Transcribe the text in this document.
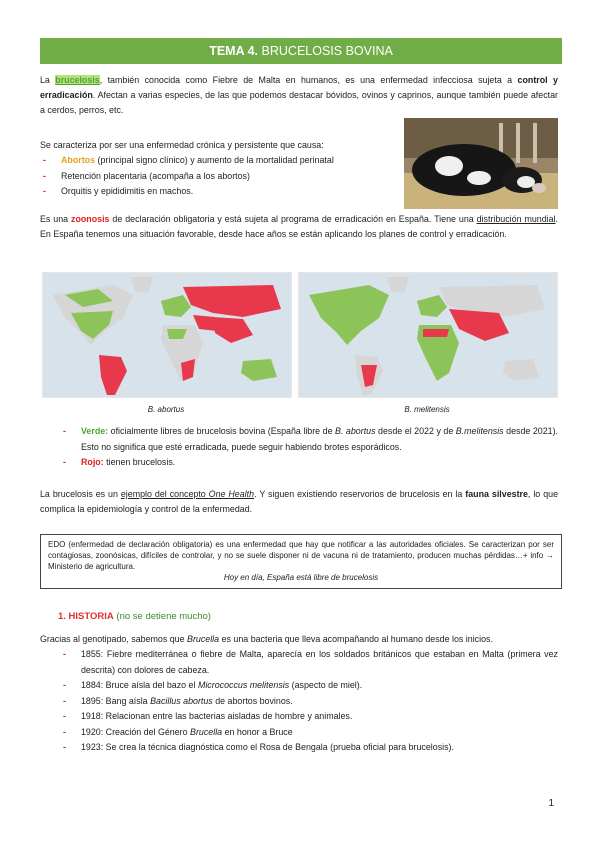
TEMA 4. BRUCELOSIS BOVINA

La brucelosis, también conocida como Fiebre de Malta en humanos, es una enfermedad infecciosa sujeta a control y erradicación. Afectan a varias especies, de las que podemos destacar bóvidos, ovinos y caprinos, aunque también puede afectar a cerdos, perros, etc.

Se caracteriza por ser una enfermedad crónica y persistente que causa:

- Abortos (principal signo clínico) y aumento de la mortalidad perinatal
- Retención placentaria (acompaña a los abortos)
- Orquitis y epididimitis en machos.

Es una zoonosis de declaración obligatoria y está sujeta al programa de erradicación en España. Tiene una distribución mundial. En España tenemos una situación favorable, desde hace años se están aplicando los planes de control y erradicación.

B. abortus	B. melitensis
- Verde: oficialmente libres de brucelosis bovina (España libre de B. abortus desde el 2022 y de B.melitensis desde 2021). Esto no significa que esté erradicada, puede seguir habiendo brotes esporádicos.
- Rojo: tienen brucelosis.

La brucelosis es un ejemplo del concepto One Health. Y siguen existiendo reservorios de brucelosis en la fauna silvestre, lo que complica la epidemiología y control de la enfermedad.

EDO (enfermedad de declaración obligatoria) es una enfermedad que hay que notificar a las autoridades oficiales. Se caracterizan por ser contagiosas, zoonósicas, difíciles de controlar, y no se suele disponer ni de vacuna ni de tratamiento, producen muchas pérdidas…+ info → Ministerio de agricultura.
Hoy en día, España está libre de brucelosis
1. HISTORIA (no se detiene mucho)

Gracias al genotipado, sabemos que Brucella es una bacteria que lleva acompañando al humano desde los inicios.

- 1855: Fiebre mediterránea o fiebre de Malta, aparecía en los soldados británicos que estaban en Malta (primera vez descrita) con dolores de cabeza.
- 1884: Bruce aísla del bazo el Micrococcus melitensis (aspecto de miel).
- 1895: Bang aísla Bacillus abortus de abortos bovinos.
- 1918: Relacionan entre las bacterias aisladas de hombre y animales.
- 1920: Creación del Género Brucella en honor a Bruce
- 1923: Se crea la técnica diagnóstica como el Rosa de Bengala (prueba oficial para brucelosis).
1
